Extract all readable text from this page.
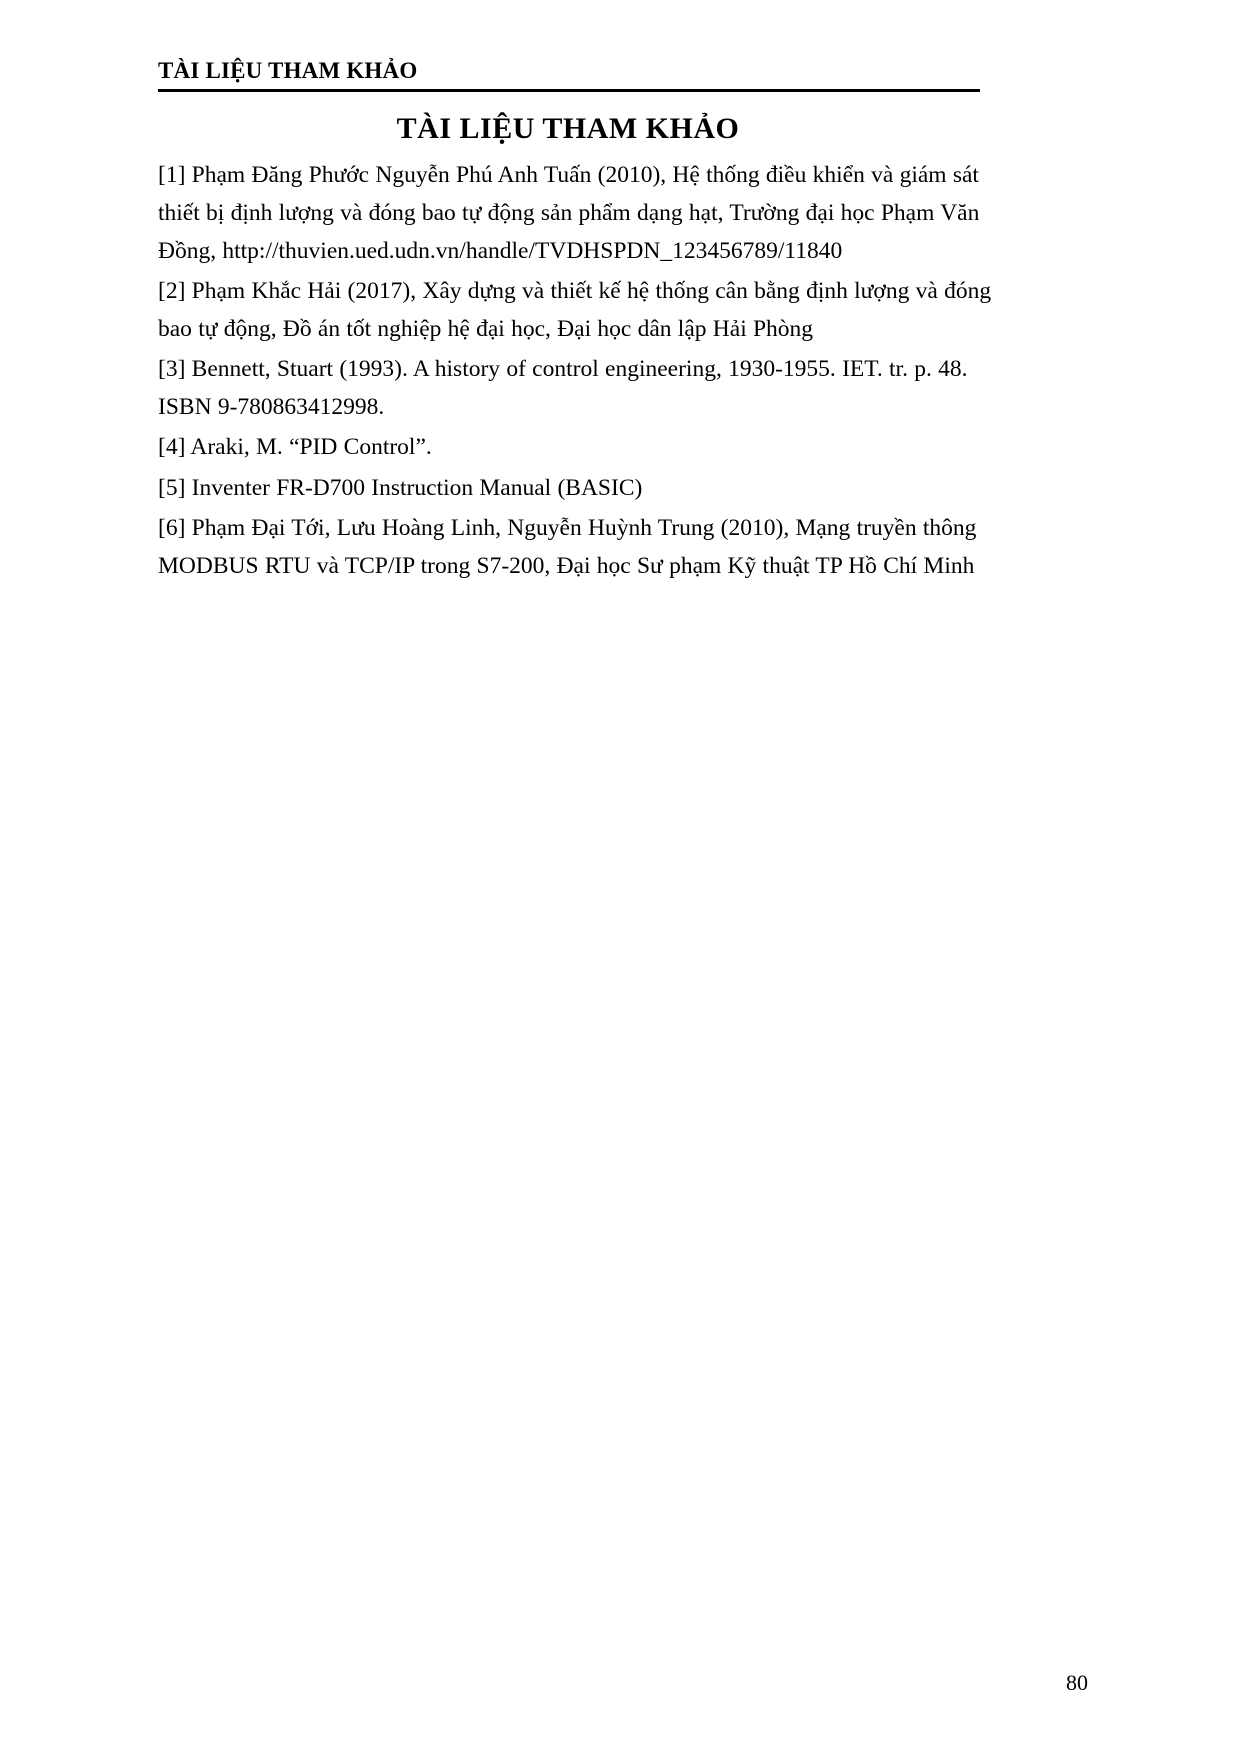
TÀI LIỆU THAM KHẢO
TÀI LIỆU THAM KHẢO

[1] Phạm Đăng Phước Nguyễn Phú Anh Tuấn (2010), Hệ thống điều khiển và giám sát thiết bị định lượng và đóng bao tự động sản phẩm dạng hạt, Trường đại học Phạm Văn Đồng, http://thuvien.ued.udn.vn/handle/TVDHSPDN_123456789/11840

[2] Phạm Khắc Hải (2017), Xây dựng và thiết kế hệ thống cân bằng định lượng và đóng bao tự động, Đồ án tốt nghiệp hệ đại học, Đại học dân lập Hải Phòng

[3] Bennett, Stuart (1993). A history of control engineering, 1930-1955. IET. tr. p. 48. ISBN 9-780863412998.

[4] Araki, M. “PID Control”.

[5] Inventer FR-D700 Instruction Manual (BASIC)

[6] Phạm Đại Tới, Lưu Hoàng Linh, Nguyễn Huỳnh Trung (2010), Mạng truyền thông MODBUS RTU và TCP/IP trong S7-200, Đại học Sư phạm Kỹ thuật TP Hồ Chí Minh

80
